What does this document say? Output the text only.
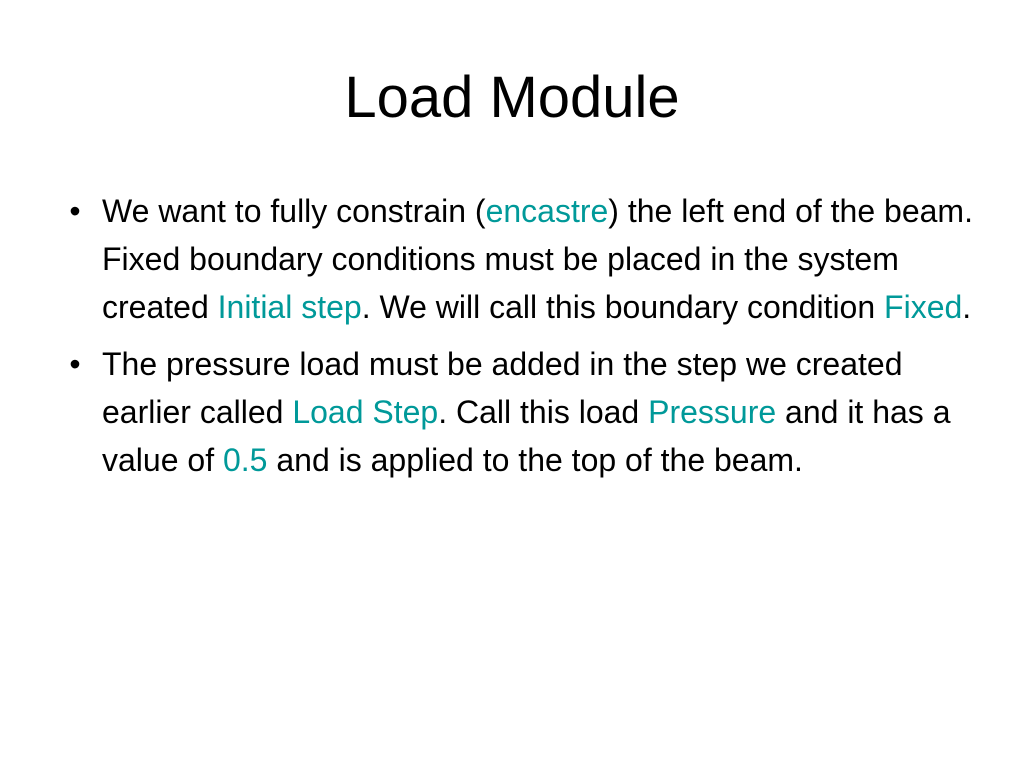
Load Module
• We want to fully constrain (encastre) the left end of the beam. Fixed boundary conditions must be placed in the system created Initial step. We will call this boundary condition Fixed.
• The pressure load must be added in the step we created earlier called Load Step. Call this load Pressure and it has a value of 0.5 and is applied to the top of the beam.
